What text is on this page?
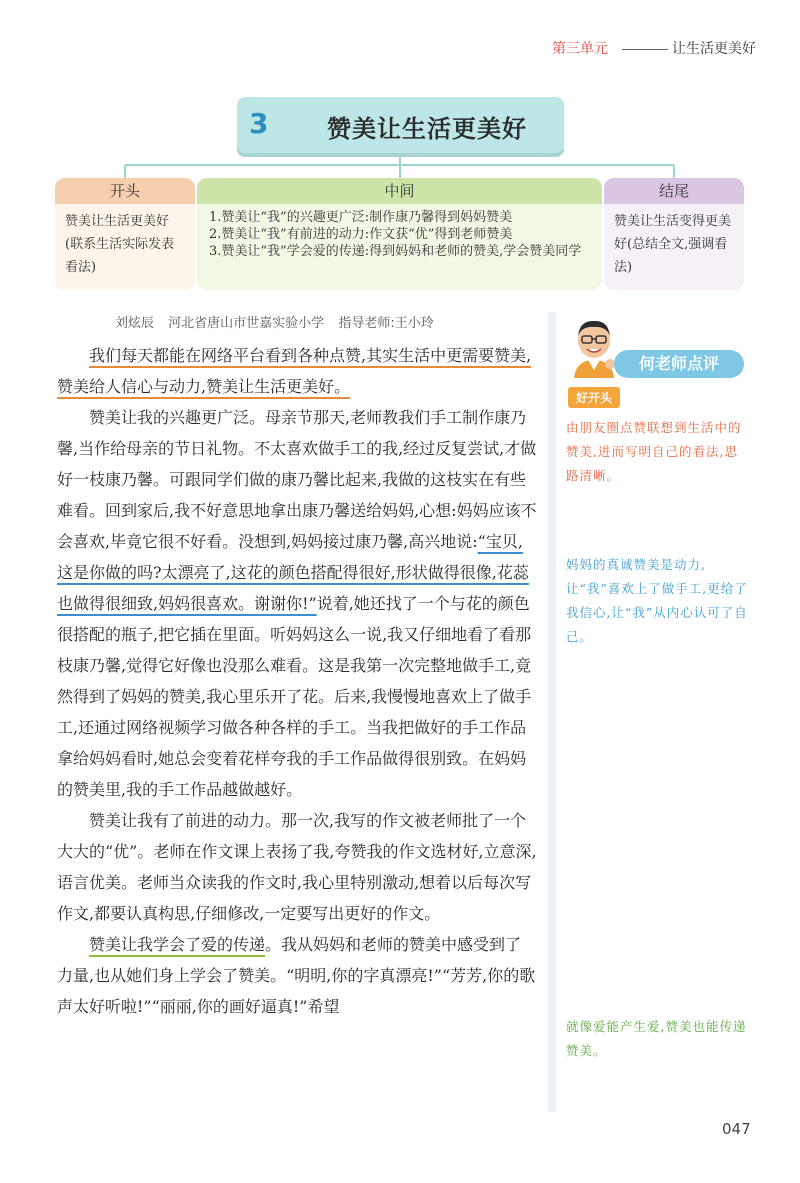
第三单元	让生活更美好
3 赞美让生活更美好
开头
赞美让生活更美好(联系生活实际发表看法)
中间
1.赞美让“我”的兴趣更广泛:制作康乃馨得到妈妈赞美
2.赞美让“我”有前进的动力:作文获“优”得到老师赞美
3.赞美让“我”学会爱的传递:得到妈妈和老师的赞美,学会赞美同学
结尾
赞美让生活变得更美好(总结全文,强调看法)
刘炫辰 河北省唐山市世嘉实验小学 指导老师:王小玲

我们每天都能在网络平台看到各种点赞,其实生活中更需要赞美,赞美给人信心与动力,赞美让生活更美好。

赞美让我的兴趣更广泛。母亲节那天,老师教我们手工制作康乃馨,当作给母亲的节日礼物。不太喜欢做手工的我,经过反复尝试,才做好一枝康乃馨。可跟同学们做的康乃馨比起来,我做的这枝实在有些难看。回到家后,我不好意思地拿出康乃馨送给妈妈,心想:妈妈应该不会喜欢,毕竟它很不好看。没想到,妈妈接过康乃馨,高兴地说:“宝贝,这是你做的吗?太漂亮了,这花的颜色搭配得很好,形状做得很像,花蕊也做得很细致,妈妈很喜欢。谢谢你!”说着,她还找了一个与花的颜色很搭配的瓶子,把它插在里面。听妈妈这么一说,我又仔细地看了看那枝康乃馨,觉得它好像也没那么难看。这是我第一次完整地做手工,竟然得到了妈妈的赞美,我心里乐开了花。后来,我慢慢地喜欢上了做手工,还通过网络视频学习做各种各样的手工。当我把做好的手工作品拿给妈妈看时,她总会变着花样夸我的手工作品做得很别致。在妈妈的赞美里,我的手工作品越做越好。

赞美让我有了前进的动力。那一次,我写的作文被老师批了一个大大的“优”。老师在作文课上表扬了我,夸赞我的作文选材好,立意深,语言优美。老师当众读我的作文时,我心里特别激动,想着以后每次写作文,都要认真构思,仔细修改,一定要写出更好的作文。

赞美让我学会了爱的传递。我从妈妈和老师的赞美中感受到了力量,也从她们身上学会了赞美。“明明,你的字真漂亮!”“芳芳,你的歌声太好听啦!”“丽丽,你的画好逼真!”希望

何老师点评
好开头
由朋友圈点赞联想到生活中的赞美,进而写明自己的看法,思路清晰。
妈妈的真诚赞美是动力,让“我”喜欢上了做手工,更给了我信心,让“我”从内心认可了自己。
就像爱能产生爱,赞美也能传递赞美。
047
